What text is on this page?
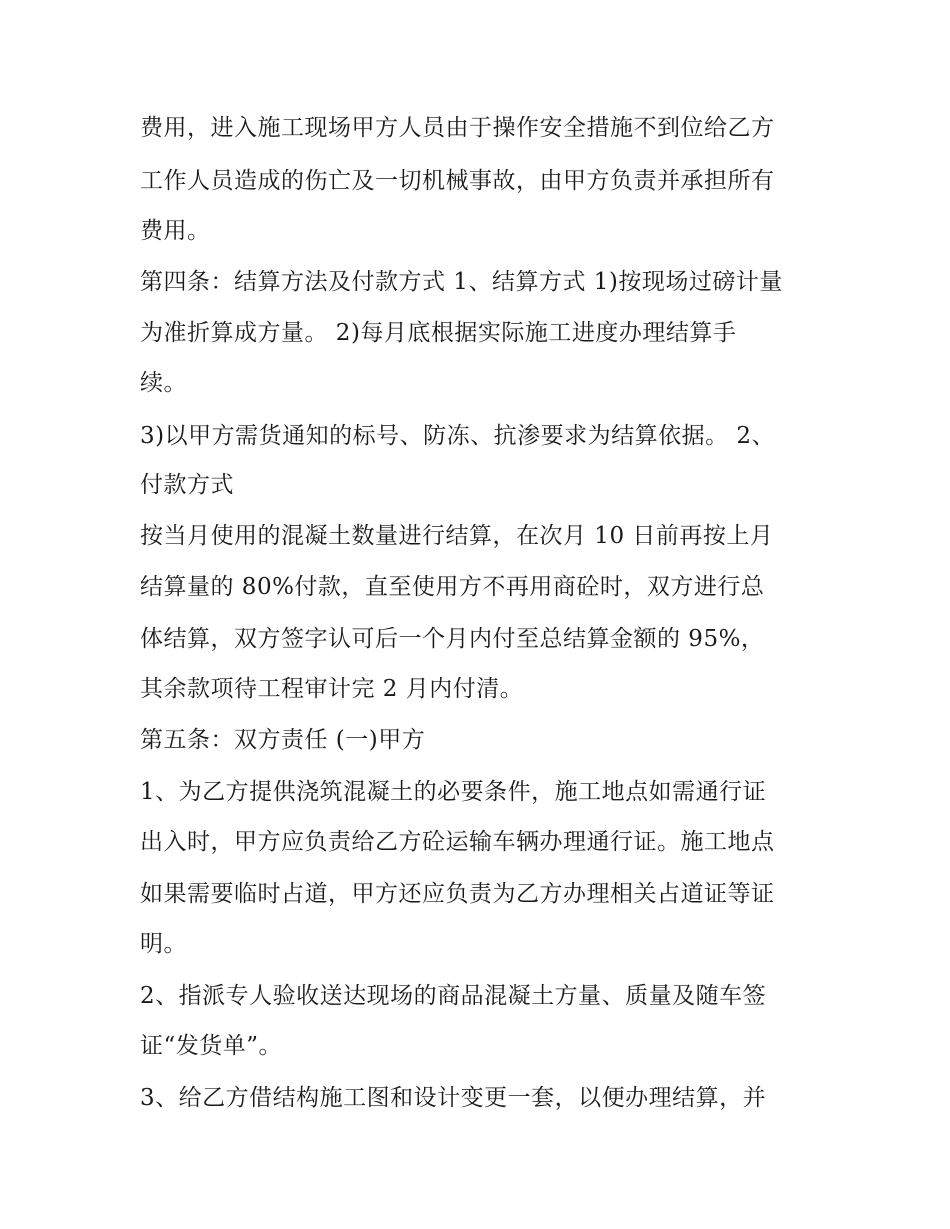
费用，进入施工现场甲方人员由于操作安全措施不到位给乙方
工作人员造成的伤亡及一切机械事故，由甲方负责并承担所有
费用。
第四条：结算方法及付款方式 1、结算方式 1)按现场过磅计量
为准折算成方量。 2)每月底根据实际施工进度办理结算手
续。
3)以甲方需货通知的标号、防冻、抗渗要求为结算依据。 2、
付款方式
按当月使用的混凝土数量进行结算，在次月 10 日前再按上月
结算量的 80%付款，直至使用方不再用商砼时，双方进行总
体结算，双方签字认可后一个月内付至总结算金额的 95%，
其余款项待工程审计完 2 月内付清。
第五条：双方责任 (一)甲方
1、为乙方提供浇筑混凝土的必要条件，施工地点如需通行证
出入时，甲方应负责给乙方砼运输车辆办理通行证。施工地点
如果需要临时占道，甲方还应负责为乙方办理相关占道证等证
明。
2、指派专人验收送达现场的商品混凝土方量、质量及随车签
证“发货单”。
3、给乙方借结构施工图和设计变更一套，以便办理结算，并
